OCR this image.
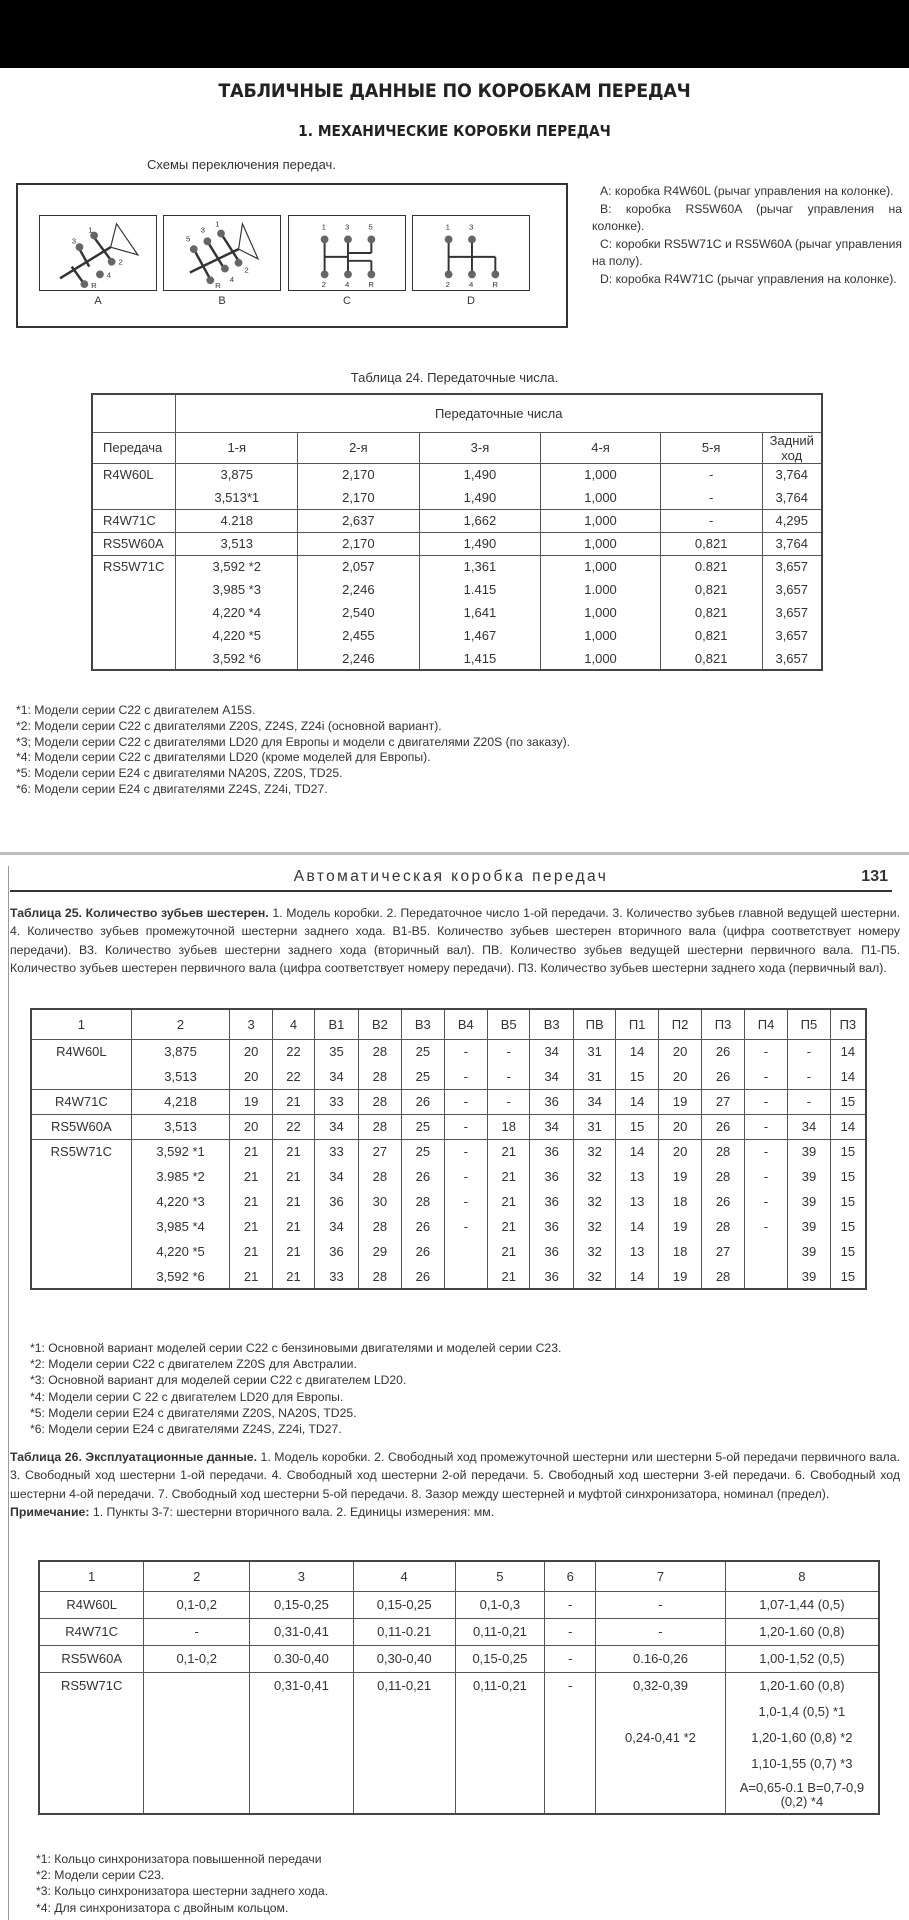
ТАБЛИЧНЫЕ ДАННЫЕ ПО КОРОБКАМ ПЕРЕДАЧ
1. МЕХАНИЧЕСКИЕ КОРОБКИ ПЕРЕДАЧ
Схемы переключения передач.
3
1
2
4
R
A
5
3
1
2
4
R
B
1 3 5
2 4 R
C
1 3
2 4 R
D

A: коробка R4W60L (рычаг управления на колонке).

B: коробка RS5W60A (рычаг управления на колонке).

C: коробки RS5W71C и RS5W60A (рычаг управления на полу).

D: коробка R4W71C (рычаг управления на колонке).

Таблица 24. Передаточные числа.
	Передаточные числа					
Передача	1-я	2-я	3-я	4-я	5-я	Задний ход
R4W60L	3,875	2,170	1,490	1,000	-	3,764
	3,513*1	2,170	1,490	1,000	-	3,764
R4W71C	4.218	2,637	1,662	1,000	-	4,295
RS5W60A	3,513	2,170	1,490	1,000	0,821	3,764
RS5W71C	3,592 *2	2,057	1,361	1,000	0.821	3,657
	3,985 *3	2,246	1.415	1.000	0,821	3,657
	4,220 *4	2,540	1,641	1,000	0,821	3,657
	4,220 *5	2,455	1,467	1,000	0,821	3,657
	3,592 *6	2,246	1,415	1,000	0,821	3,657
*1: Модели серии C22 с двигателем A15S.
*2: Модели серии C22 с двигателями Z20S, Z24S, Z24i (основной вариант).
*3; Модели серии C22 с двигателями LD20 для Европы и модели с двигателями Z20S (по заказу).
*4: Модели серии C22 с двигателями LD20 (кроме моделей для Европы).
*5: Модели серии E24 с двигателями NA20S, Z20S, TD25.
*6: Модели серии E24 с двигателями Z24S, Z24i, TD27.
Автоматическая коробка передач	131
Таблица 25. Количество зубьев шестерен. 1. Модель коробки. 2. Передаточное число 1-ой передачи. 3. Количество зубьев главной ведущей шестерни. 4. Количество зубьев промежуточной шестерни заднего хода. В1-В5. Количество зубьев шестерен вторичного вала (цифра соответствует номеру передачи). В3. Количество зубьев шестерни заднего хода (вторичный вал). ПВ. Количество зубьев ведущей шестерни первичного вала. П1-П5. Количество зубьев шестерен первичного вала (цифра соответствует номеру передачи). П3. Количество зубьев шестерни заднего хода (первичный вал).
1	2	3	4	В1	В2	В3	В4	В5	В3	ПВ	П1	П2	П3	П4	П5	П3
R4W60L	3,875	20	22	35	28	25	-	-	34	31	14	20	26	-	-	14
	3,513	20	22	34	28	25	-	-	34	31	15	20	26	-	-	14
R4W71C	4,218	19	21	33	28	26	-	-	36	34	14	19	27	-	-	15
RS5W60A	3,513	20	22	34	28	25	-	18	34	31	15	20	26	-	34	14
RS5W71C	3,592 *1	21	21	33	27	25	-	21	36	32	14	20	28	-	39	15
	3.985 *2	21	21	34	28	26	-	21	36	32	13	19	28	-	39	15
	4,220 *3	21	21	36	30	28	-	21	36	32	13	18	26	-	39	15
	3,985 *4	21	21	34	28	26	-	21	36	32	14	19	28	-	39	15
	4,220 *5	21	21	36	29	26		21	36	32	13	18	27		39	15
	3,592 *6	21	21	33	28	26		21	36	32	14	19	28		39	15
*1: Основной вариант моделей серии C22 с бензиновыми двигателями и моделей серии C23.
*2: Модели серии C22 с двигателем Z20S для Австралии.
*3: Основной вариант для моделей серии C22 с двигателем LD20.
*4: Модели серии C 22 с двигателем LD20 для Европы.
*5: Модели серии E24 с двигателями Z20S, NA20S, TD25.
*6: Модели серии E24 с двигателями Z24S, Z24i, TD27.
Таблица 26. Эксплуатационные данные. 1. Модель коробки. 2. Свободный ход промежуточной шестерни или шестерни 5-ой передачи первичного вала. 3. Свободный ход шестерни 1-ой передачи. 4. Свободный ход шестерни 2-ой передачи. 5. Свободный ход шестерни 3-ей передачи. 6. Свободный ход шестерни 4-ой передачи. 7. Свободный ход шестерни 5-ой передачи. 8. Зазор между шестерней и муфтой синхронизатора, номинал (предел).
Примечание: 1. Пункты 3-7: шестерни вторичного вала. 2. Единицы измерения: мм.
1	2	3	4	5	6	7	8
R4W60L	0,1-0,2	0,15-0,25	0,15-0,25	0,1-0,3	-	-	1,07-1,44 (0,5)
R4W71C	-	0,31-0,41	0,11-0.21	0,11-0,21	-	-	1,20-1.60 (0,8)
RS5W60A	0,1-0,2	0.30-0,40	0,30-0,40	0,15-0,25	-	0.16-0,26	1,00-1,52 (0,5)
RS5W71C		0,31-0,41	0,11-0,21	0,11-0,21	-	0,32-0,39	1,20-1.60 (0,8)
							1,0-1,4 (0,5) *1
						0,24-0,41 *2	1,20-1,60 (0,8) *2
							1,10-1,55 (0,7) *3
							A=0,65-0.1 B=0,7-0,9 (0,2) *4
*1: Кольцо синхронизатора повышенной передачи
*2: Модели серии C23.
*3: Кольцо синхронизатора шестерни заднего хода.
*4: Для синхронизатора с двойным кольцом.
